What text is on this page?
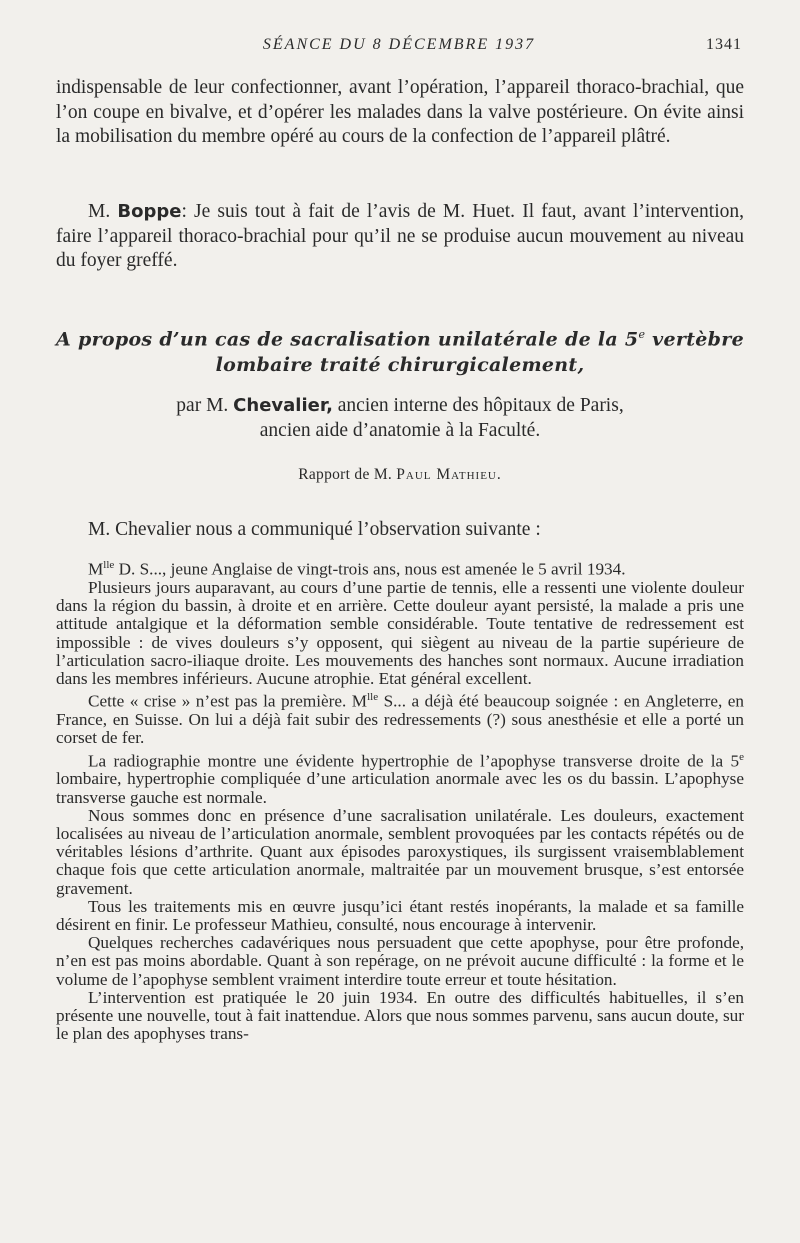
SÉANCE DU 8 DÉCEMBRE 1937	1341

indispensable de leur confectionner, avant l’opération, l’appareil thoraco-brachial, que l’on coupe en bivalve, et d’opérer les malades dans la valve postérieure. On évite ainsi la mobilisation du membre opéré au cours de la confection de l’appareil plâtré.

M. Boppe: Je suis tout à fait de l’avis de M. Huet. Il faut, avant l’intervention, faire l’appareil thoraco-brachial pour qu’il ne se produise aucun mouvement au niveau du foyer greffé.

A propos d’un cas de sacralisation unilatérale de la 5e vertèbre lombaire traité chirurgicalement,
par M. Chevalier, ancien interne des hôpitaux de Paris,
ancien aide d’anatomie à la Faculté.
Rapport de M. Paul Mathieu.

M. Chevalier nous a communiqué l’observation suivante :

$M^{lle}$ D. S..., jeune Anglaise de vingt-trois ans, nous est amenée le 5 avril 1934.

Plusieurs jours auparavant, au cours d’une partie de tennis, elle a ressenti une violente douleur dans la région du bassin, à droite et en arrière. Cette douleur ayant persisté, la malade a pris une attitude antalgique et la déformation semble considérable. Toute tentative de redressement est impossible : de vives douleurs s’y opposent, qui siègent au niveau de la partie supérieure de l’articulation sacro-iliaque droite. Les mouvements des hanches sont normaux. Aucune irradiation dans les membres inférieurs. Aucune atrophie. Etat général excellent.

Cette « crise » n’est pas la première. $M^{lle}$ S... a déjà été beaucoup soignée : en Angleterre, en France, en Suisse. On lui a déjà fait subir des redressements (?) sous anesthésie et elle a porté un corset de fer.

La radiographie montre une évidente hypertrophie de l’apophyse transverse droite de la 5e lombaire, hypertrophie compliquée d’une articulation anormale avec les os du bassin. L’apophyse transverse gauche est normale.

Nous sommes donc en présence d’une sacralisation unilatérale. Les douleurs, exactement localisées au niveau de l’articulation anormale, semblent provoquées par les contacts répétés ou de véritables lésions d’arthrite. Quant aux épisodes paroxystiques, ils surgissent vraisemblablement chaque fois que cette articulation anormale, maltraitée par un mouvement brusque, s’est entorsée gravement.

Tous les traitements mis en œuvre jusqu’ici étant restés inopérants, la malade et sa famille désirent en finir. Le professeur Mathieu, consulté, nous encourage à intervenir.

Quelques recherches cadavériques nous persuadent que cette apophyse, pour être profonde, n’en est pas moins abordable. Quant à son repérage, on ne prévoit aucune difficulté : la forme et le volume de l’apophyse semblent vraiment interdire toute erreur et toute hésitation.

L’intervention est pratiquée le 20 juin 1934. En outre des difficultés habituelles, il s’en présente une nouvelle, tout à fait inattendue. Alors que nous sommes parvenu, sans aucun doute, sur le plan des apophyses trans-
